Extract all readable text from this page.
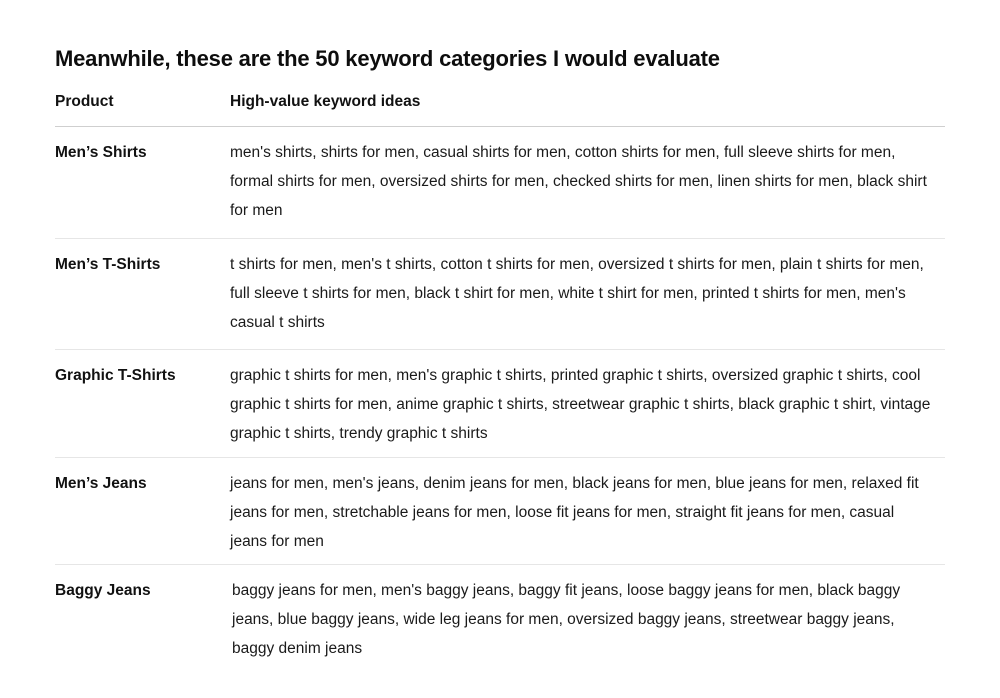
Meanwhile, these are the 50 keyword categories I would evaluate
Product	High-value keyword ideas
Men’s Shirts	men's shirts, shirts for men, casual shirts for men, cotton shirts for men, full sleeve shirts for men, formal shirts for men, oversized shirts for men, checked shirts for men, linen shirts for men, black shirt for men
Men’s T-Shirts	t shirts for men, men's t shirts, cotton t shirts for men, oversized t shirts for men, plain t shirts for men, full sleeve t shirts for men, black t shirt for men, white t shirt for men, printed t shirts for men, men's casual t shirts
Graphic T-Shirts	graphic t shirts for men, men's graphic t shirts, printed graphic t shirts, oversized graphic t shirts, cool graphic t shirts for men, anime graphic t shirts, streetwear graphic t shirts, black graphic t shirt, vintage graphic t shirts, trendy graphic t shirts
Men’s Jeans	jeans for men, men's jeans, denim jeans for men, black jeans for men, blue jeans for men, relaxed fit jeans for men, stretchable jeans for men, loose fit jeans for men, straight fit jeans for men, casual jeans for men
Baggy Jeans	baggy jeans for men, men's baggy jeans, baggy fit jeans, loose baggy jeans for men, black baggy jeans, blue baggy jeans, wide leg jeans for men, oversized baggy jeans, streetwear baggy jeans, baggy denim jeans
